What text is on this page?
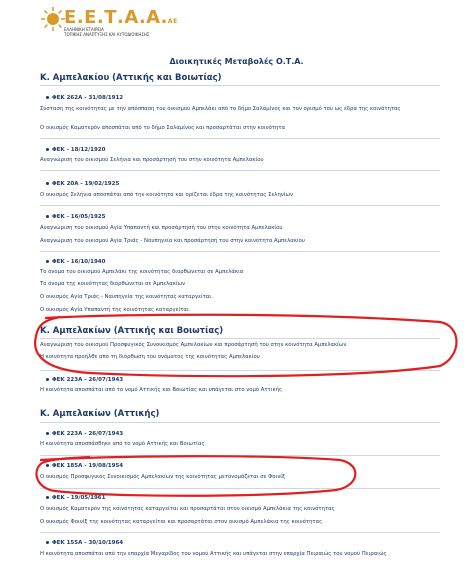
Ε.Ε.Τ.Α.Α.ΑΕ
ΕΛΛΗΝΙΚΗ ΕΤΑΙΡΕΙΑ
ΤΟΠΙΚΗΣ ΑΝΑΠΤΥΞΗΣ ΚΑΙ ΑΥΤΟΔΙΟΙΚΗΣΗΣ
Διοικητικές Μεταβολές Ο.Τ.Α.
Κ. Αμπελακίου (Αττικής και Βοιωτίας)
ΦΕΚ 262Α - 31/08/1912
Σύσταση της κοινότητας με την απόσπαση του οικισμού Αμπελάκι από το δήμο Σαλαμίνος και τον ορισμό του ως έδρα της κοινότητας
Ο οικισμός Καματερόν αποσπάται από το δήμο Σαλαμίνος και προσαρτάται στην κοινότητα
ΦΕΚ - 18/12/1920
Αναγνώριση του οικισμού Σελήνια και προσάρτησή του στην κοινότητα Αμπελακίου
ΦΕΚ 20Α - 19/02/1925
Ο οικισμός Σελήνια αποσπάται από την κοινότητα και ορίζεται έδρα της κοινότητας Σεληνίων
ΦΕΚ - 16/05/1925
Αναγνώριση του οικισμού Αγία Υπαπαντή και προσάρτησή του στην κοινότητα Αμπελακίου
Αναγνώριση του οικισμού Αγία Τριάς - Ναυπηγεία και προσάρτησή του στην κοινότητα Αμπελακίου
ΦΕΚ - 16/10/1940
Το όνομα του οικισμού Αμπελάκι της κοινότητας διορθώνεται σε Αμπελάκια
Το όνομα της κοινότητας διορθώνεται σε Αμπελακίων
Ο οικισμός Αγία Τριάς - Ναυπηγεία της κοινότητας καταργείται.
Ο οικισμός Αγία Υπαπαντή της κοινότητας καταργείται.
Κ. Αμπελακίων (Αττικής και Βοιωτίας)
Αναγνώριση του οικισμού Προσφυγικός Συνοικισμός Αμπελακίων και προσάρτησή του στην κοινότητα Αμπελακίων
Η κοινότητα προήλθε από τη διόρθωση του ονόματος της κοινότητας Αμπελακίου
ΦΕΚ 223Α - 26/07/1943
Η κοινότητα αποσπάται από το νομό Αττικής και Βοιωτίας και υπάγεται στο νομό Αττικής
Κ. Αμπελακίων (Αττικής)
ΦΕΚ 223Α - 26/07/1943
Η κοινότητα αποσπάσθηκε από το νομό Αττικής και Βοιωτίας
ΦΕΚ 185Α - 19/08/1954
Ο οικισμός Προσφυγικός Συνοικισμός Αμπελακίων της κοινότητας μετονομάζεται σε Φοινίξ
ΦΕΚ - 19/05/1961
Ο οικισμός Καματερόν της κοινότητας καταργείται και προσαρτάται στον οικισμό Αμπελάκια της κοινότητας
Ο οικισμός Φοινίξ της κοινότητας καταργείται και προσαρτάται στον οικισμό Αμπελάκια της κοινότητας
ΦΕΚ 155Α - 30/10/1964
Η κοινότητα αποσπάται από την επαρχία Μεγαρίδος του νομού Αττικής και υπάγεται στην επαρχία Πειραιώς του νομού Πειραιώς
